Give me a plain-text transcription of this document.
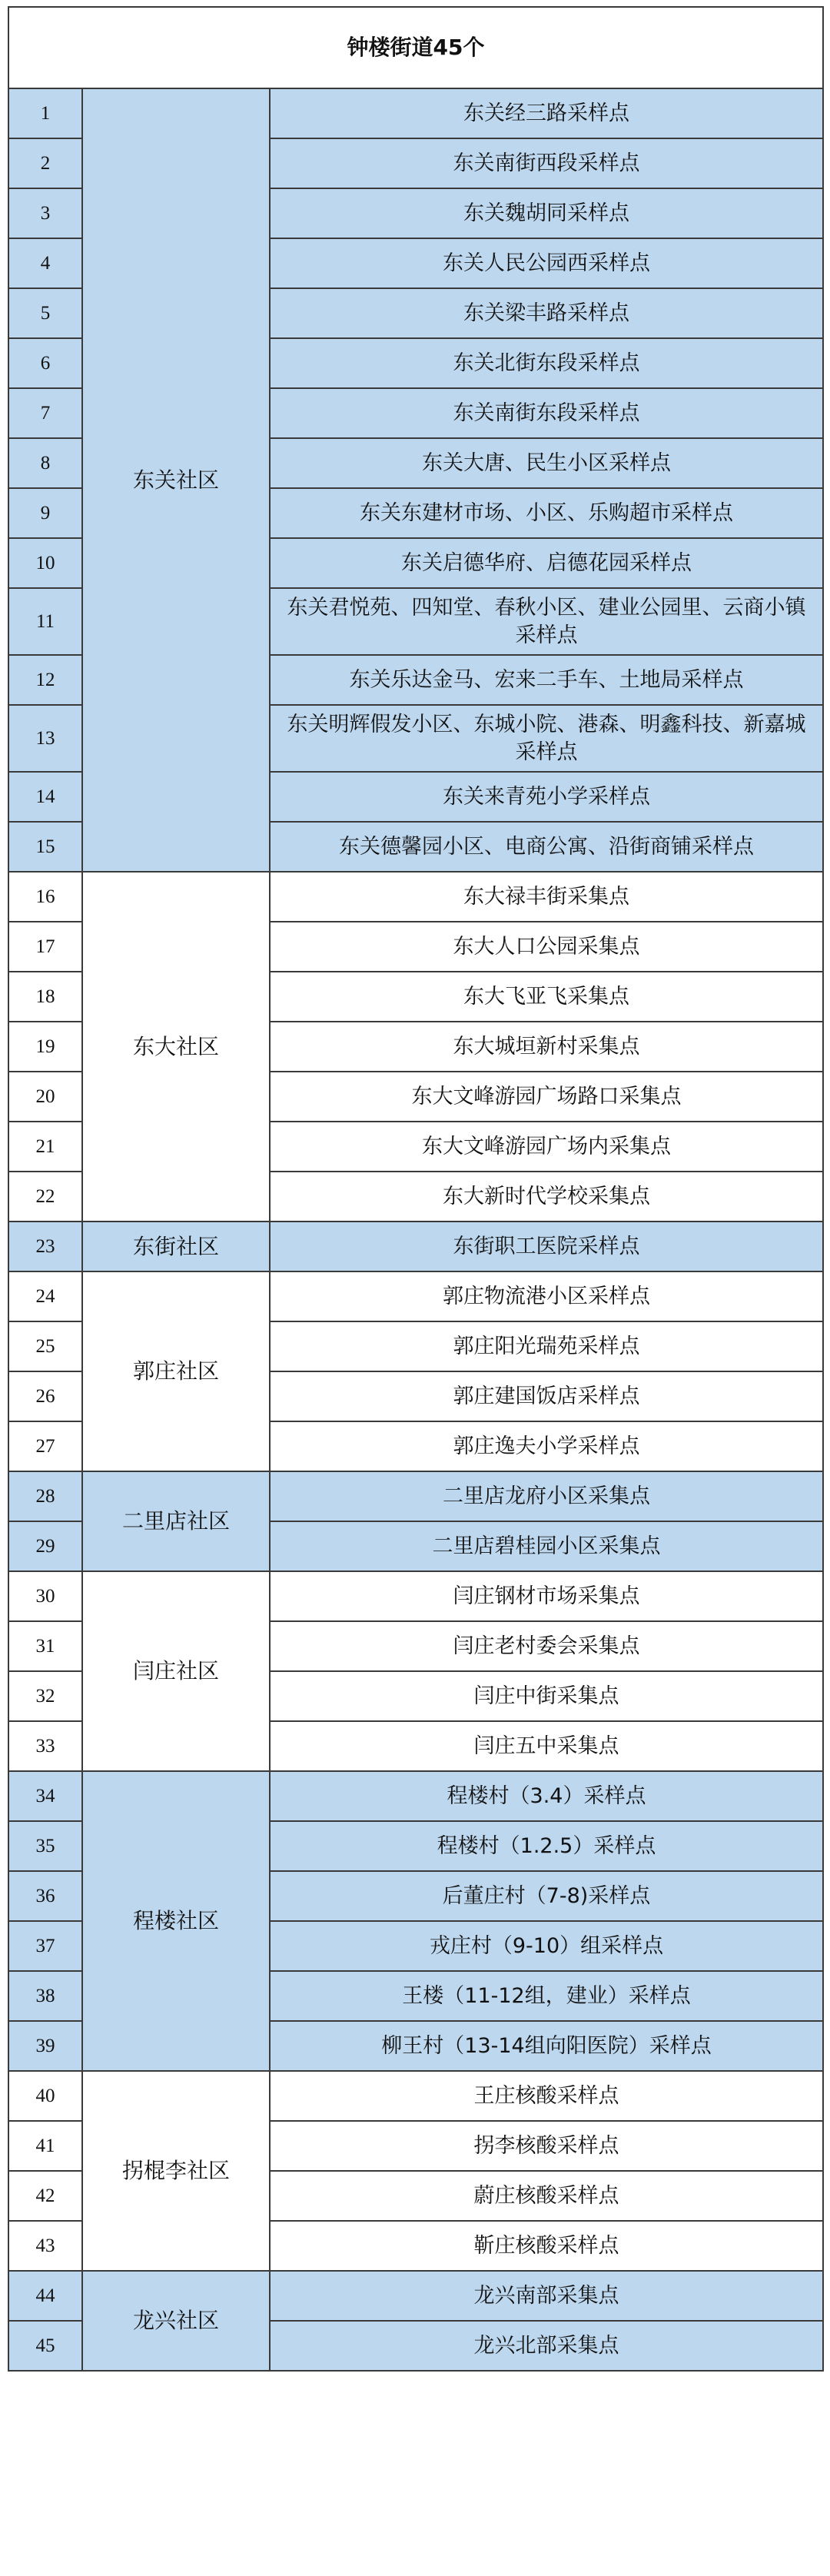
钟楼街道45个		
1	东关社区	东关经三路采样点
2		东关南街西段采样点
3		东关魏胡同采样点
4		东关人民公园西采样点
5		东关梁丰路采样点
6		东关北街东段采样点
7		东关南街东段采样点
8		东关大唐、民生小区采样点
9		东关东建材市场、小区、乐购超市采样点
10		东关启德华府、启德花园采样点
11		东关君悦苑、四知堂、春秋小区、建业公园里、云商小镇采样点
12		东关乐达金马、宏来二手车、土地局采样点
13		东关明辉假发小区、东城小院、港森、明鑫科技、新嘉城采样点
14		东关来青苑小学采样点
15		东关德馨园小区、电商公寓、沿街商铺采样点
16	东大社区	东大禄丰街采集点
17		东大人口公园采集点
18		东大飞亚飞采集点
19		东大城垣新村采集点
20		东大文峰游园广场路口采集点
21		东大文峰游园广场内采集点
22		东大新时代学校采集点
23	东街社区	东街职工医院采样点
24	郭庄社区	郭庄物流港小区采样点
25		郭庄阳光瑞苑采样点
26		郭庄建国饭店采样点
27		郭庄逸夫小学采样点
28	二里店社区	二里店龙府小区采集点
29		二里店碧桂园小区采集点
30	闫庄社区	闫庄钢材市场采集点
31		闫庄老村委会采集点
32		闫庄中街采集点
33		闫庄五中采集点
34	程楼社区	程楼村（3.4）采样点
35		程楼村（1.2.5）采样点
36		后董庄村（7-8)采样点
37		戎庄村（9-10）组采样点
38		王楼（11-12组，建业）采样点
39		柳王村（13-14组向阳医院）采样点
40	拐棍李社区	王庄核酸采样点
41		拐李核酸采样点
42		蔚庄核酸采样点
43		靳庄核酸采样点
44	龙兴社区	龙兴南部采集点
45		龙兴北部采集点
